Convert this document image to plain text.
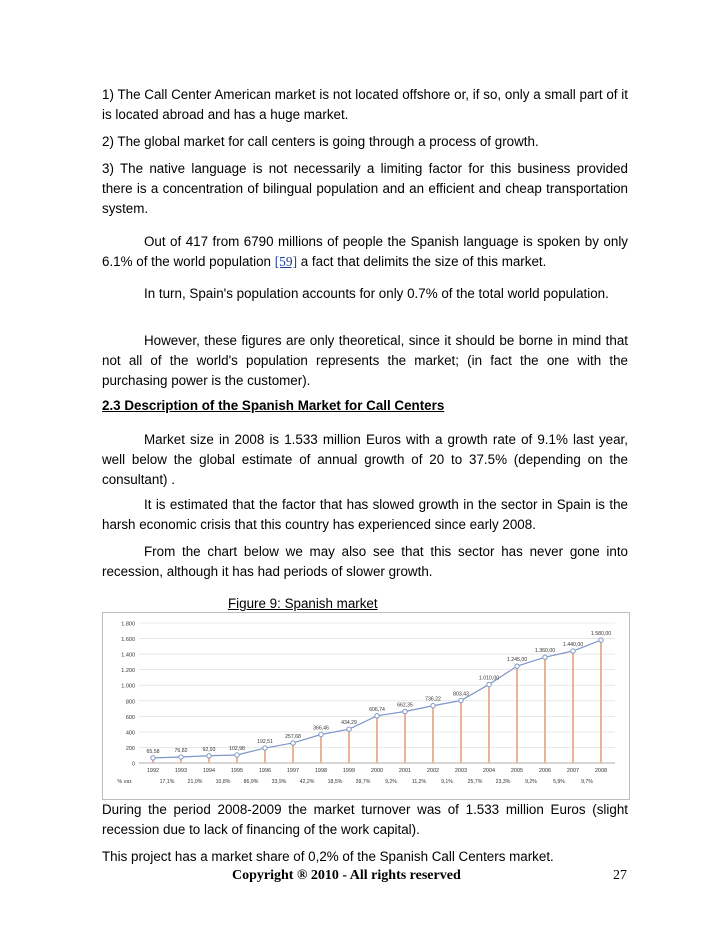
1) The Call Center American market is not located offshore or, if so, only a small part of it is located abroad and has a huge market.

2) The global market for call centers is going through a process of growth.

3) The native language is not necessarily a limiting factor for this business provided there is a concentration of bilingual population and an efficient and cheap transportation system.

Out of 417 from 6790 millions of people the Spanish language is spoken by only 6.1% of the world population [59] a fact that delimits the size of this market.

In turn, Spain's population accounts for only 0.7% of the total world population.

However, these figures are only theoretical, since it should be borne in mind that not all of the world's population represents the market; (in fact the one with the purchasing power is the customer).

2.3 Description of the Spanish Market for Call Centers

Market size in 2008 is 1.533 million Euros with a growth rate of 9.1% last year, well below the global estimate of annual growth of 20 to 37.5% (depending on the consultant) .

It is estimated that the factor that has slowed growth in the sector in Spain is the harsh economic crisis that this country has experienced since early 2008.

From the chart below we may also see that this sector has never gone into recession, although it has had periods of slower growth.

Figure 9: Spanish market
0
200
400
600
800
1.000
1.200
1.400
1.600
1.800
65,58	76,82	92,93	102,98
192,51
257,68
366,46
434,29
606,74
662,35
736,22
803,43
1.010,00
1.245,00
1.360,00
1.440,00
1.580,00
1992	1993	1994	1995	1996	1997	1998	1999	2000	2001	2002	2003	2004	2005	2006	2007	2008
% var.	17,1%	21,0%	10,8%	86,9%	33,9%	42,2%	18,5%	39,7%	9,2%	11,2%	9,1%	25,7%	23,3%	9,2%	5,9%	9,7%

During the period 2008-2009 the market turnover was of 1.533 million Euros (slight recession due to lack of financing of the work capital).

This project has a market share of 0,2% of the Spanish Call Centers market.

Copyright ® 2010 - All rights reserved	27
